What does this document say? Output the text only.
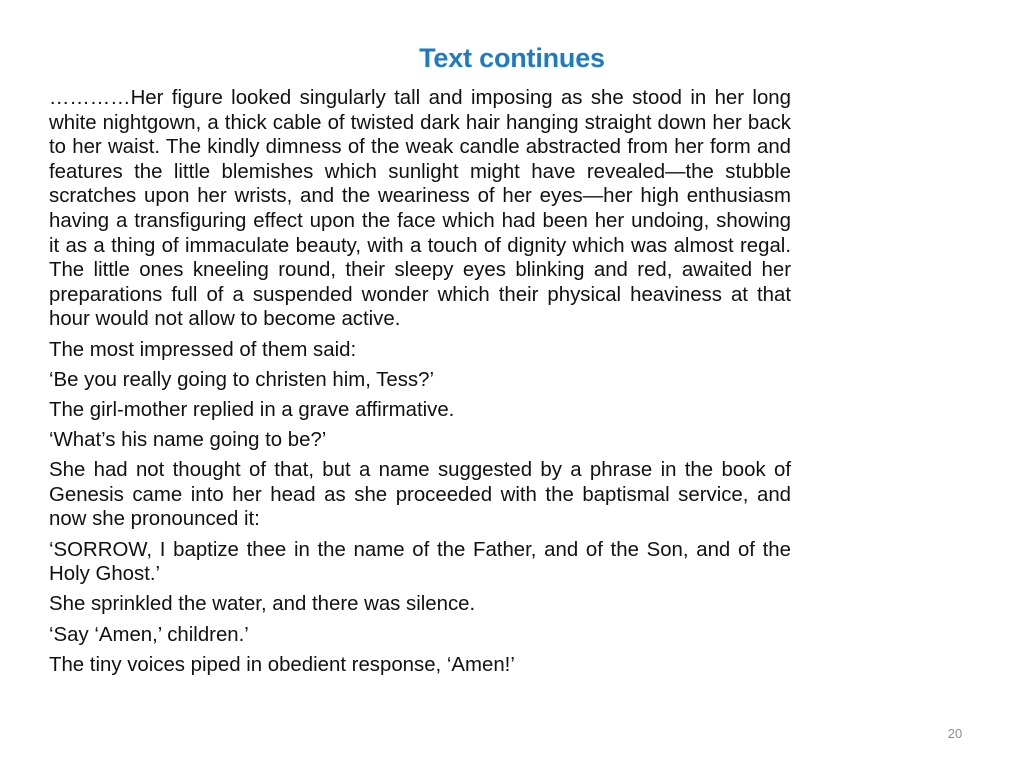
Text continues

…………Her figure looked singularly tall and imposing as she stood in her long white nightgown, a thick cable of twisted dark hair hanging straight down her back to her waist. The kindly dimness of the weak candle abstracted from her form and features the little blemishes which sunlight might have revealed—the stubble scratches upon her wrists, and the weariness of her eyes—her high enthusiasm having a transfiguring effect upon the face which had been her undoing, showing it as a thing of immaculate beauty, with a touch of dignity which was almost regal. The little ones kneeling round, their sleepy eyes blinking and red, awaited her preparations full of a suspended wonder which their physical heaviness at that hour would not allow to become active.

The most impressed of them said:

‘Be you really going to christen him, Tess?’

The girl-mother replied in a grave affirmative.

‘What’s his name going to be?’

She had not thought of that, but a name suggested by a phrase in the book of Genesis came into her head as she proceeded with the baptismal service, and now she pronounced it:

‘SORROW, I baptize thee in the name of the Father, and of the Son, and of the Holy Ghost.’

She sprinkled the water, and there was silence.

‘Say ‘Amen,’ children.’

The tiny voices piped in obedient response, ‘Amen!’

20
